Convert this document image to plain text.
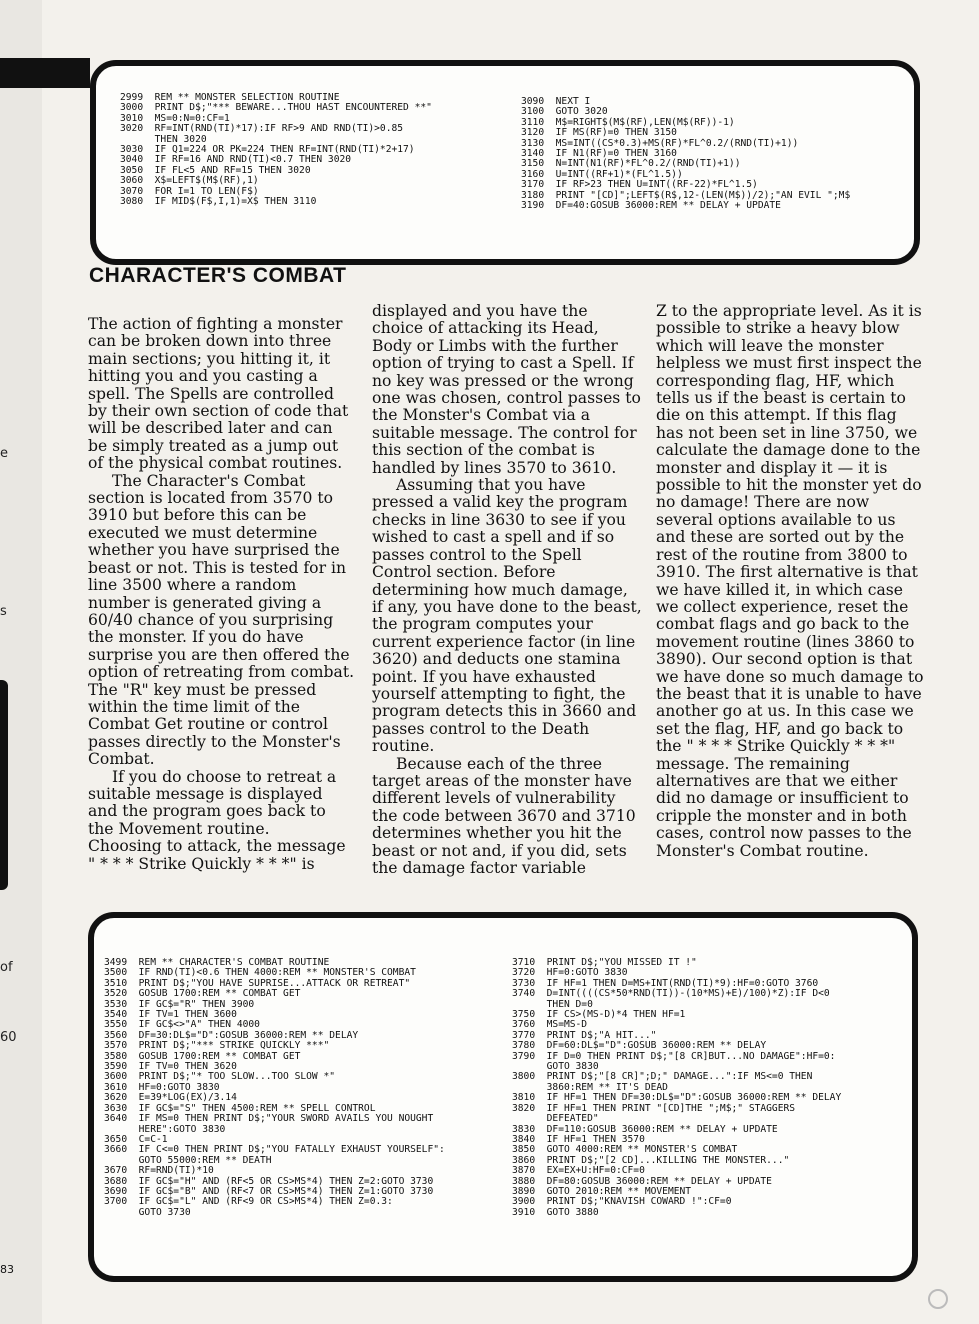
e
s
of
60
2999  REM ** MONSTER SELECTION ROUTINE
3000  PRINT D$;"*** BEWARE...THOU HAST ENCOUNTERED **"
3010  MS=0:N=0:CF=1
3020  RF=INT(RND(TI)*17):IF RF>9 AND RND(TI)>0.85
THEN 3020
3030  IF Q1=224 OR PK=224 THEN RF=INT(RND(TI)*2+17)
3040  IF RF=16 AND RND(TI)<0.7 THEN 3020
3050  IF FL<5 AND RF=15 THEN 3020
3060  X$=LEFT$(M$(RF),1)
3070  FOR I=1 TO LEN(F$)
3080  IF MID$(F$,I,1)=X$ THEN 3110
3090  NEXT I
3100  GOTO 3020
3110  M$=RIGHT$(M$(RF),LEN(M$(RF))-1)
3120  IF MS(RF)=0 THEN 3150
3130  MS=INT((CS*0.3)+MS(RF)*FL^0.2/(RND(TI)+1))
3140  IF N1(RF)=0 THEN 3160
3150  N=INT(N1(RF)*FL^0.2/(RND(TI)+1))
3160  U=INT((RF+1)*(FL^1.5))
3170  IF RF>23 THEN U=INT((RF-22)*FL^1.5)
3180  PRINT "[CD]";LEFT$(R$,12-(LEN(M$))/2);"AN EVIL ";M$
3190  DF=40:GOSUB 36000:REM ** DELAY + UPDATE
CHARACTER'S COMBAT

The action of fighting a monster can be broken down into three main sections; you hitting it, it hitting you and you casting a spell. The Spells are controlled by their own section of code that will be described later and can be simply treated as a jump out of the physical combat routines.

The Character's Combat section is located from 3570 to 3910 but before this can be executed we must determine whether you have surprised the beast or not. This is tested for in line 3500 where a random number is generated giving a 60/40 chance of you surprising the monster. If you do have surprise you are then offered the option of retreating from combat. The "R" key must be pressed within the time limit of the Combat Get routine or control passes directly to the Monster's Combat.

If you do choose to retreat a suitable message is displayed and the program goes back to the Movement routine.

Choosing to attack, the message " * * * Strike Quickly * * *" is

displayed and you have the choice of attacking its Head, Body or Limbs with the further option of trying to cast a Spell. If no key was pressed or the wrong one was chosen, control passes to the Monster's Combat via a suitable message. The control for this section of the combat is handled by lines 3570 to 3610.

Assuming that you have pressed a valid key the program checks in line 3630 to see if you wished to cast a spell and if so passes control to the Spell Control section. Before determining how much damage, if any, you have done to the beast, the program computes your current experience factor (in line 3620) and deducts one stamina point. If you have exhausted yourself attempting to fight, the program detects this in 3660 and passes control to the Death routine.

Because each of the three target areas of the monster have different levels of vulnerability the code between 3670 and 3710 determines whether you hit the beast or not and, if you did, sets the damage factor variable

Z to the appropriate level. As it is possible to strike a heavy blow which will leave the monster helpless we must first inspect the corresponding flag, HF, which tells us if the beast is certain to die on this attempt. If this flag has not been set in line 3750, we calculate the damage done to the monster and display it — it is possible to hit the monster yet do no damage! There are now several options available to us and these are sorted out by the rest of the routine from 3800 to 3910. The first alternative is that we have killed it, in which case we collect experience, reset the combat flags and go back to the movement routine (lines 3860 to 3890). Our second option is that we have done so much damage to the beast that it is unable to have another go at us. In this case we set the flag, HF, and go back to the " * * * Strike Quickly * * *" message. The remaining alternatives are that we either did no damage or insufficient to cripple the monster and in both cases, control now passes to the Monster's Combat routine.

3499  REM ** CHARACTER'S COMBAT ROUTINE
3500  IF RND(TI)<0.6 THEN 4000:REM ** MONSTER'S COMBAT
3510  PRINT D$;"YOU HAVE SUPRISE...ATTACK OR RETREAT"
3520  GOSUB 1700:REM ** COMBAT GET
3530  IF GC$="R" THEN 3900
3540  IF TV=1 THEN 3600
3550  IF GC$<>"A" THEN 4000
3560  DF=30:DL$="D":GOSUB 36000:REM ** DELAY
3570  PRINT D$;"*** STRIKE QUICKLY ***"
3580  GOSUB 1700:REM ** COMBAT GET
3590  IF TV=0 THEN 3620
3600  PRINT D$;"* TOO SLOW...TOO SLOW *"
3610  HF=0:GOTO 3830
3620  E=39*LOG(EX)/3.14
3630  IF GC$="S" THEN 4500:REM ** SPELL CONTROL
3640  IF MS=0 THEN PRINT D$;"YOUR SWORD AVAILS YOU NOUGHT
HERE":GOTO 3830
3650  C=C-1
3660  IF C<=0 THEN PRINT D$;"YOU FATALLY EXHAUST YOURSELF":
GOTO 55000:REM ** DEATH
3670  RF=RND(TI)*10
3680  IF GC$="H" AND (RF<5 OR CS>MS*4) THEN Z=2:GOTO 3730
3690  IF GC$="B" AND (RF<7 OR CS>MS*4) THEN Z=1:GOTO 3730
3700  IF GC$="L" AND (RF<9 OR CS>MS*4) THEN Z=0.3:
GOTO 3730
3710  PRINT D$;"YOU MISSED IT !"
3720  HF=0:GOTO 3830
3730  IF HF=1 THEN D=MS+INT(RND(TI)*9):HF=0:GOTO 3760
3740  D=INT((((CS*50*RND(TI))-(10*MS)+E)/100)*Z):IF D<0
THEN D=0
3750  IF CS>(MS-D)*4 THEN HF=1
3760  MS=MS-D
3770  PRINT D$;"A HIT..."
3780  DF=60:DL$="D":GOSUB 36000:REM ** DELAY
3790  IF D=0 THEN PRINT D$;"[8 CR]BUT...NO DAMAGE":HF=0:
GOTO 3830
3800  PRINT D$;"[8 CR]";D;" DAMAGE...":IF MS<=0 THEN
3860:REM ** IT'S DEAD
3810  IF HF=1 THEN DF=30:DL$="D":GOSUB 36000:REM ** DELAY
3820  IF HF=1 THEN PRINT "[CD]THE ";M$;" STAGGERS
DEFEATED"
3830  DF=110:GOSUB 36000:REM ** DELAY + UPDATE
3840  IF HF=1 THEN 3570
3850  GOTO 4000:REM ** MONSTER'S COMBAT
3860  PRINT D$;"[2 CD]...KILLING THE MONSTER..."
3870  EX=EX+U:HF=0:CF=0
3880  DF=80:GOSUB 36000:REM ** DELAY + UPDATE
3890  GOTO 2010:REM ** MOVEMENT
3900  PRINT D$;"KNAVISH COWARD !":CF=0
3910  GOTO 3880
83
